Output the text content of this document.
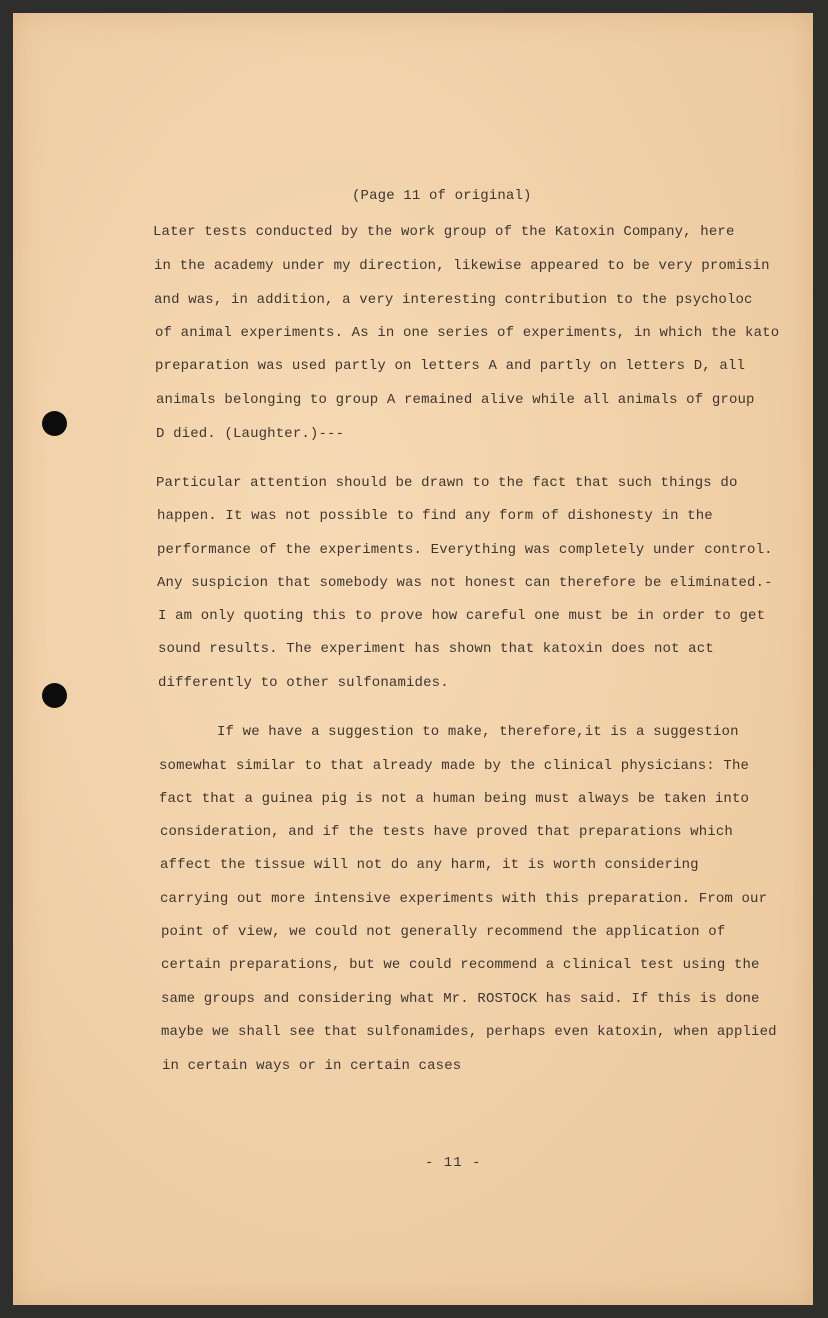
(Page 11 of original)

Later tests conducted by the work group of the Katoxin Company, here

in the academy under my direction, likewise appeared to be very promisin

and was, in addition, a very interesting contribution to the psycholoc

of animal experiments. As in one series of experiments, in which the kato

preparation was used partly on letters A and partly on letters D, all

animals belonging to group A remained alive while all animals of group

D died. (Laughter.)---

Particular attention should be drawn to the fact that such things do

happen. It was not possible to find any form of dishonesty in the

performance of the experiments. Everything was completely under control.

Any suspicion that somebody was not honest can therefore be eliminated.-

I am only quoting this to prove how careful one must be in order to get

sound results. The experiment has shown that katoxin does not act

differently to other sulfonamides.

If we have a suggestion to make, therefore,it is a suggestion

somewhat similar to that already made by the clinical physicians: The

fact that a guinea pig is not a human being must always be taken into

consideration, and if the tests have proved that preparations which

affect the tissue will not do any harm, it is worth considering

carrying out more intensive experiments with this preparation. From our

point of view, we could not generally recommend the application of

certain preparations, but we could recommend a clinical test using the

same groups and considering what Mr. ROSTOCK has said. If this is done

maybe we shall see that sulfonamides, perhaps even katoxin, when applied

in certain ways or in certain cases

- 11 -
